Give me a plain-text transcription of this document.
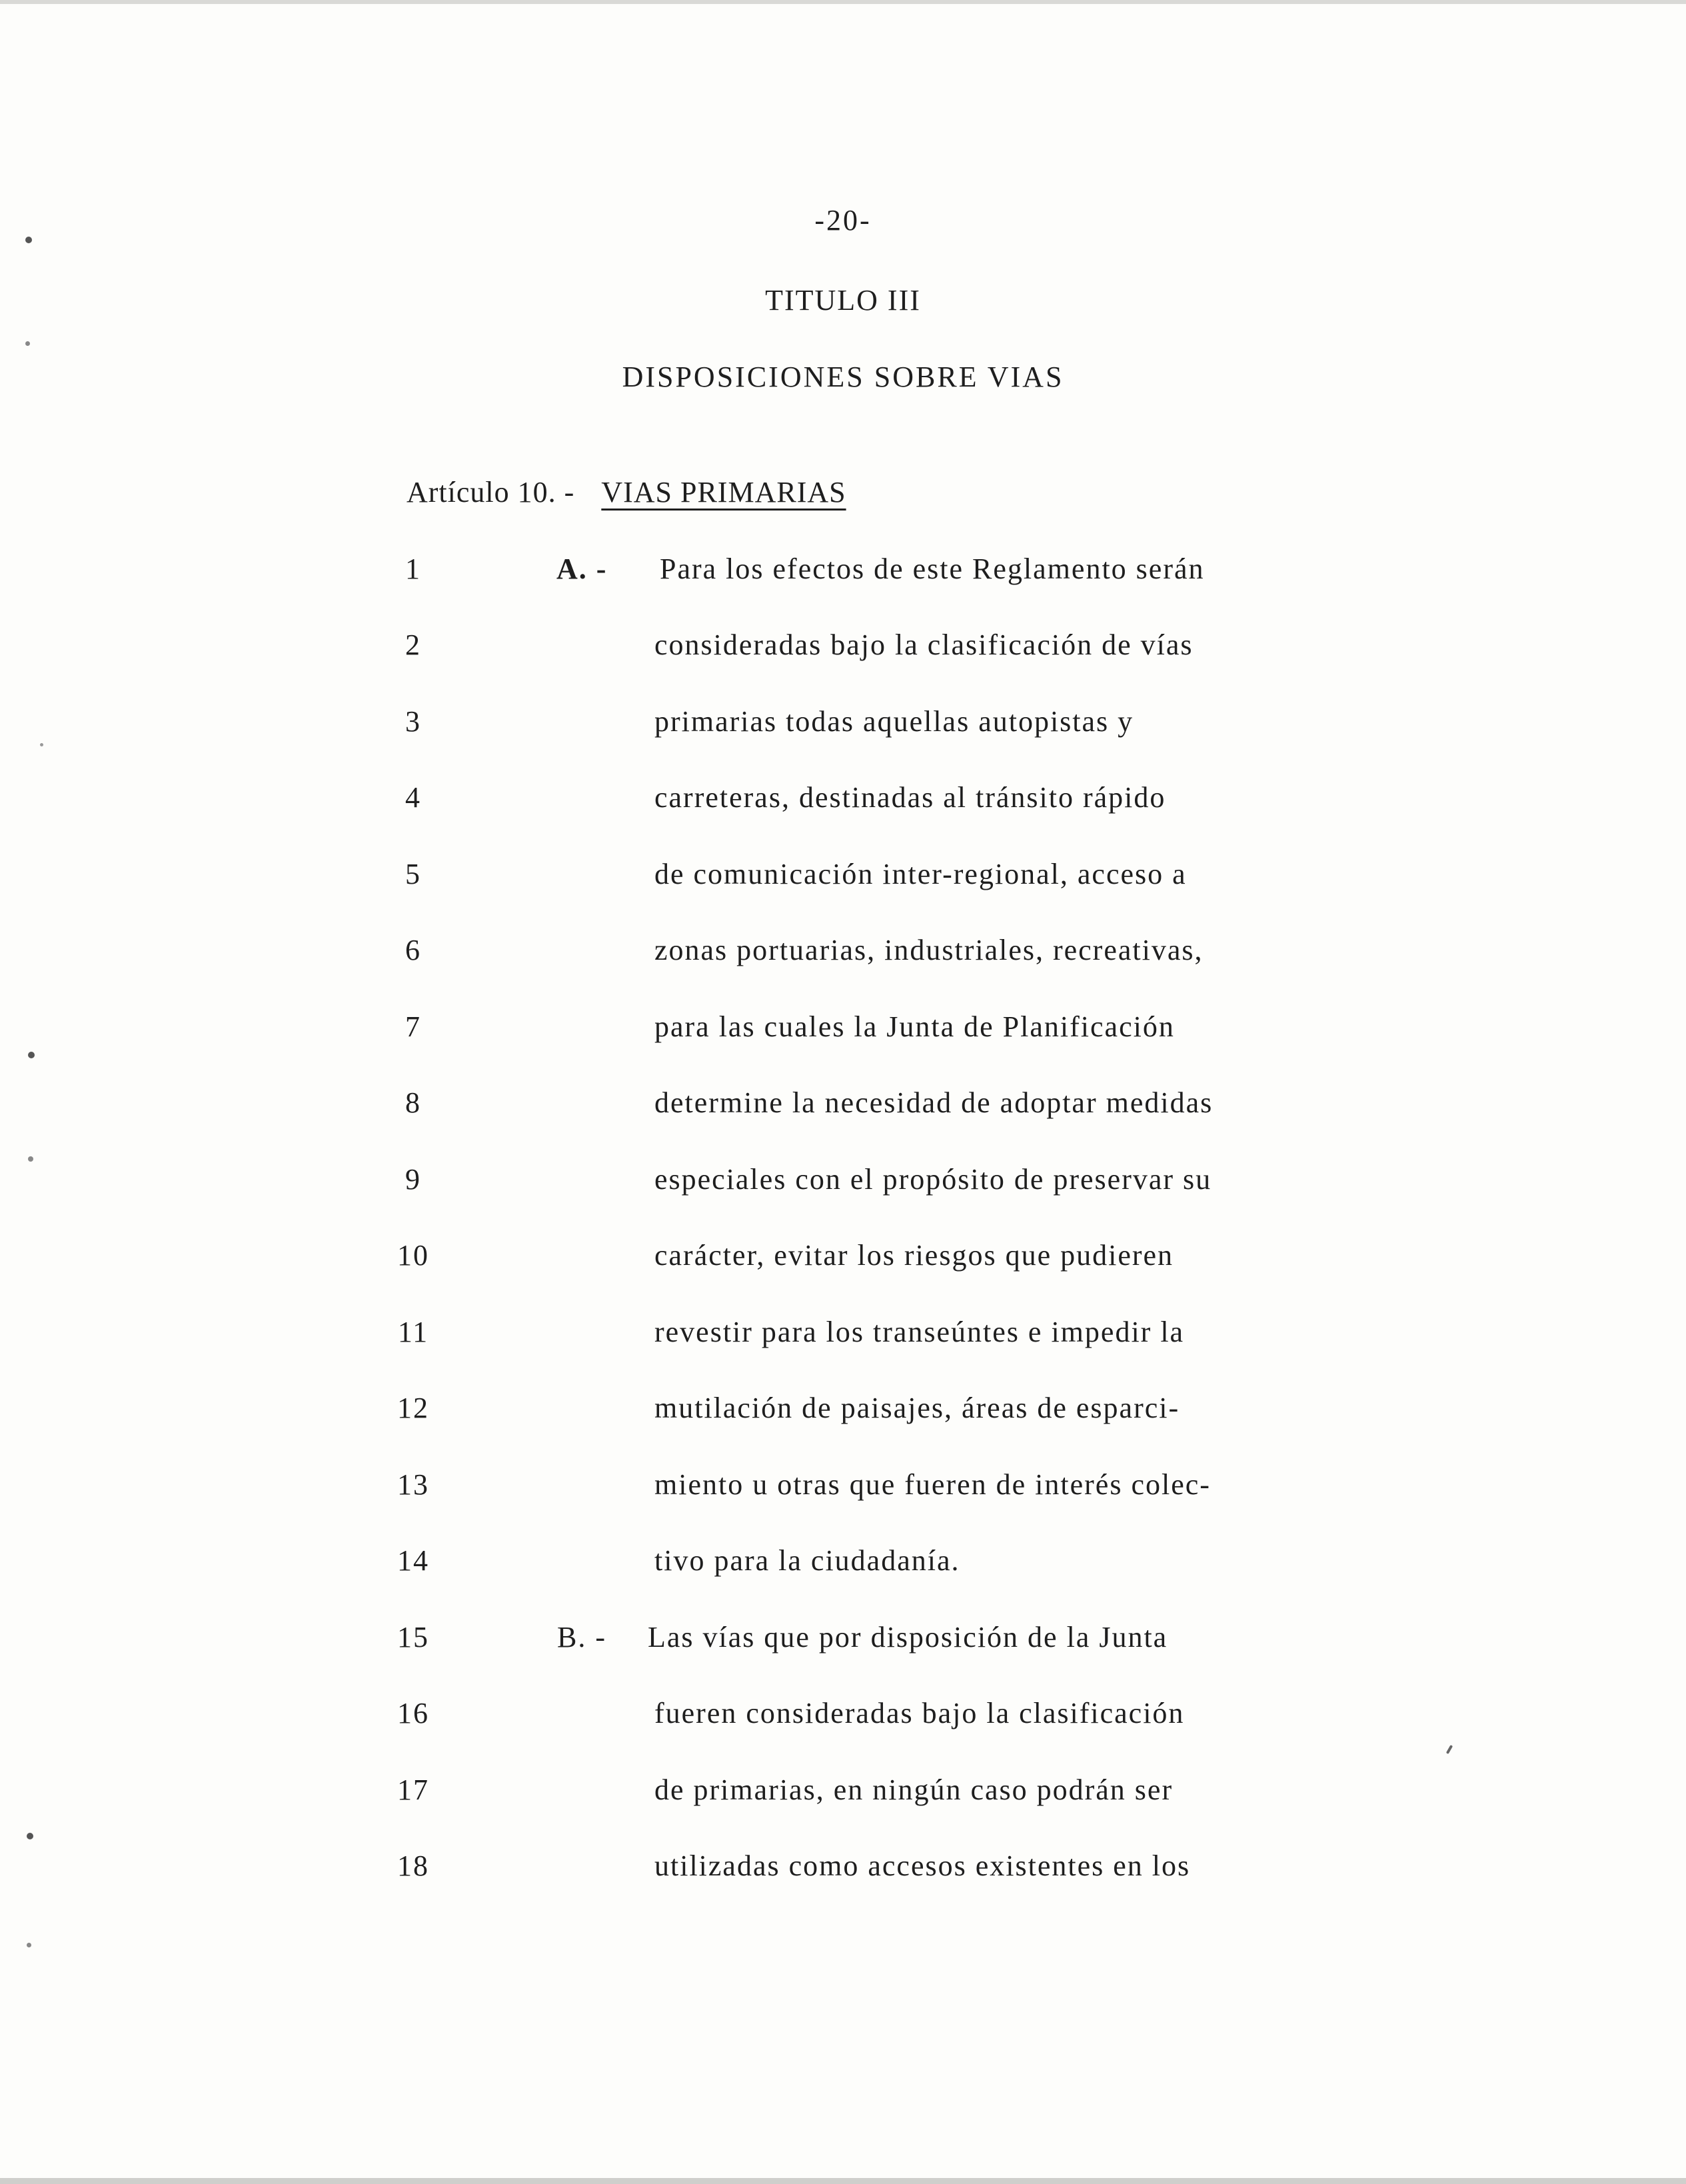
-20-
TITULO III
DISPOSICIONES SOBRE VIAS
Artículo 10. - VIAS PRIMARIAS
1	A. - Para los efectos de este Reglamento serán
2	consideradas bajo la clasificación de vías
3	primarias todas aquellas autopistas y
4	carreteras, destinadas al tránsito rápido
5	de comunicación inter-regional, acceso a
6	zonas portuarias, industriales, recreativas,
7	para las cuales la Junta de Planificación
8	determine la necesidad de adoptar medidas
9	especiales con el propósito de preservar su
10	carácter, evitar los riesgos que pudieren
11	revestir para los transeúntes e impedir la
12	mutilación de paisajes, áreas de esparci-
13	miento u otras que fueren de interés colec-
14	tivo para la ciudadanía.
15	B. - Las vías que por disposición de la Junta
16	fueren consideradas bajo la clasificación
17	de primarias, en ningún caso podrán ser
18	utilizadas como accesos existentes en los
